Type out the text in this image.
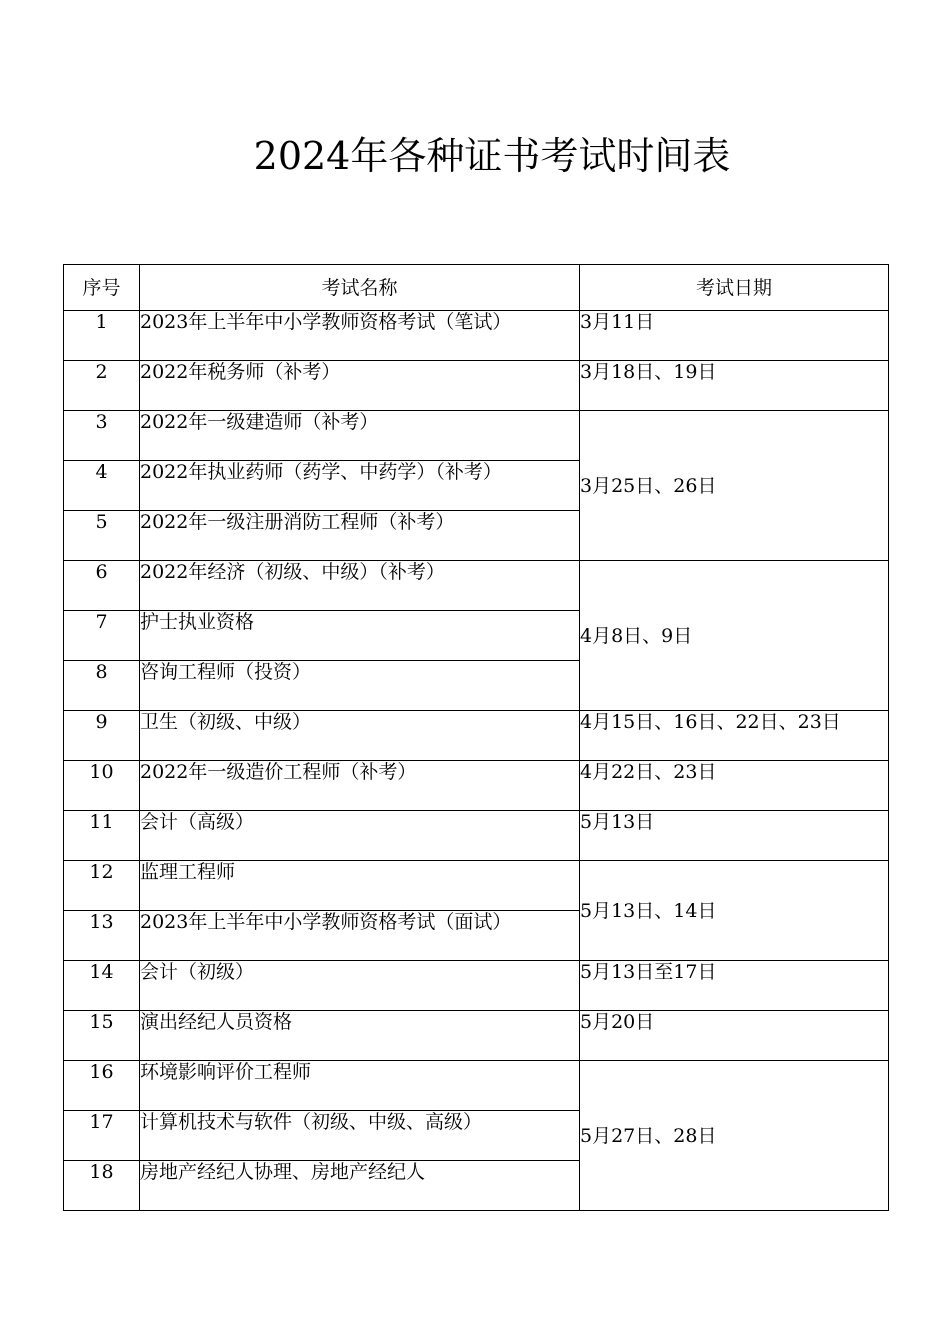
2024年各种证书考试时间表
序号	考试名称	考试日期
1	2023年上半年中小学教师资格考试（笔试）	3月11日
2	2022年税务师（补考）	3月18日、19日
3	2022年一级建造师（补考）	3月25日、26日
4	2022年执业药师（药学、中药学）（补考）	
5	2022年一级注册消防工程师（补考）	
6	2022年经济（初级、中级）（补考）	4月8日、9日
7	护士执业资格	
8	咨询工程师（投资）	
9	卫生（初级、中级）	4月15日、16日、22日、23日
10	2022年一级造价工程师（补考）	4月22日、23日
11	会计（高级）	5月13日
12	监理工程师	5月13日、14日
13	2023年上半年中小学教师资格考试（面试）	
14	会计（初级）	5月13日至17日
15	演出经纪人员资格	5月20日
16	环境影响评价工程师	5月27日、28日
17	计算机技术与软件（初级、中级、高级）	
18	房地产经纪人协理、房地产经纪人	
